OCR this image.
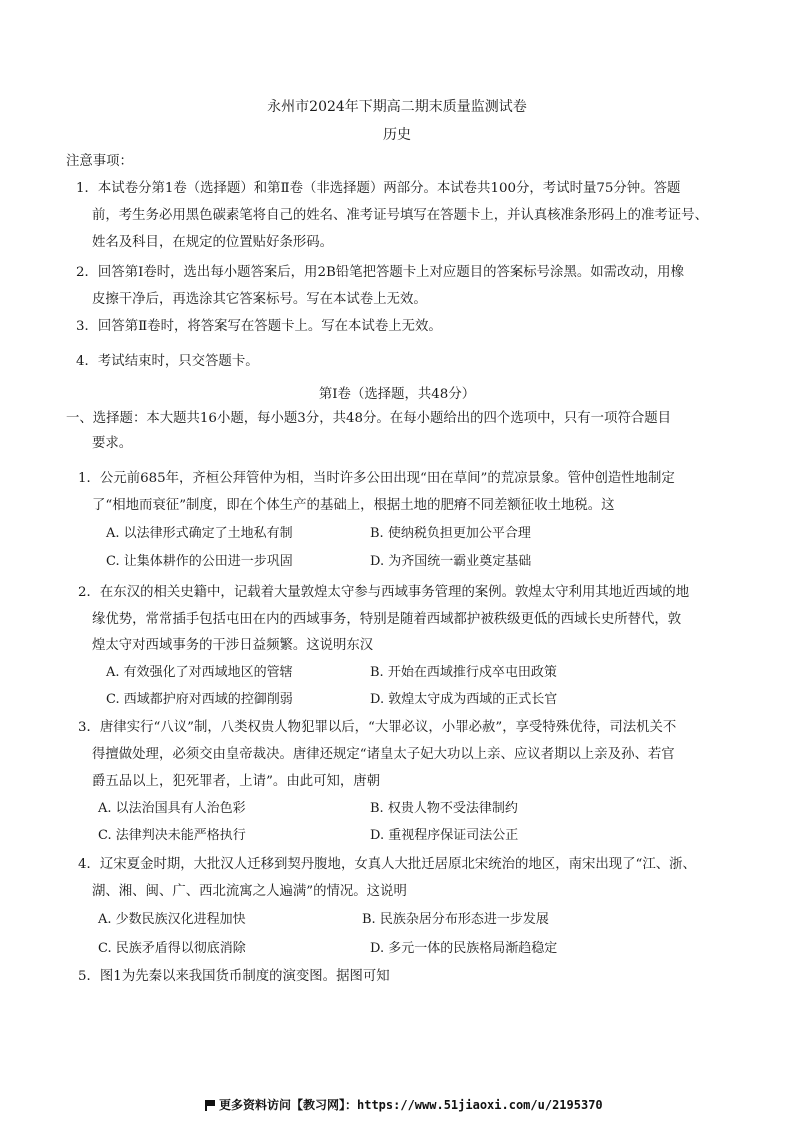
永州市2024年下期高二期末质量监测试卷
历史
注意事项：
1．本试卷分第1卷（选择题）和第Ⅱ卷（非选择题）两部分。本试卷共100分，考试时量75分钟。答题
前，考生务必用黑色碳素笔将自己的姓名、准考证号填写在答题卡上，并认真核准条形码上的准考证号、
姓名及科目，在规定的位置贴好条形码。
2．回答第Ⅰ卷时，选出每小题答案后，用2B铅笔把答题卡上对应题目的答案标号涂黑。如需改动，用橡
皮擦干净后，再选涂其它答案标号。写在本试卷上无效。
3．回答第Ⅱ卷时，将答案写在答题卡上。写在本试卷上无效。
4．考试结束时，只交答题卡。
第Ⅰ卷（选择题，共48分）
一、选择题：本大题共16小题，每小题3分，共48分。在每小题给出的四个选项中，只有一项符合题目
要求。
1．公元前685年，齐桓公拜管仲为相，当时许多公田出现“田在草间”的荒凉景象。管仲创造性地制定
了“相地而衰征”制度，即在个体生产的基础上，根据土地的肥瘠不同差额征收土地税。这
A. 以法律形式确定了土地私有制	B. 使纳税负担更加公平合理
C. 让集体耕作的公田进一步巩固	D. 为齐国统一霸业奠定基础
2．在东汉的相关史籍中，记载着大量敦煌太守参与西域事务管理的案例。敦煌太守利用其地近西域的地
缘优势，常常插手包括屯田在内的西域事务，特别是随着西域都护被秩级更低的西域长史所替代，敦
煌太守对西域事务的干涉日益频繁。这说明东汉
A. 有效强化了对西域地区的管辖	B. 开始在西域推行戍卒屯田政策
C. 西域都护府对西域的控御削弱	D. 敦煌太守成为西域的正式长官
3．唐律实行“八议”制，八类权贵人物犯罪以后，“大罪必议，小罪必赦”，享受特殊优待，司法机关不
得擅做处理，必须交由皇帝裁决。唐律还规定“诸皇太子妃大功以上亲、应议者期以上亲及孙、若官
爵五品以上，犯死罪者，上请”。由此可知，唐朝
A. 以法治国具有人治色彩	B. 权贵人物不受法律制约
C. 法律判决未能严格执行	D. 重视程序保证司法公正
4．辽宋夏金时期，大批汉人迁移到契丹腹地，女真人大批迁居原北宋统治的地区，南宋出现了“江、浙、
湖、湘、闽、广、西北流寓之人遍满”的情况。这说明
A. 少数民族汉化进程加快	B. 民族杂居分布形态进一步发展
C. 民族矛盾得以彻底消除	D. 多元一体的民族格局渐趋稳定
5．图1为先秦以来我国货币制度的演变图。据图可知
更多资料访问【教习网】：https://www.51jiaoxi.com/u/2195370
